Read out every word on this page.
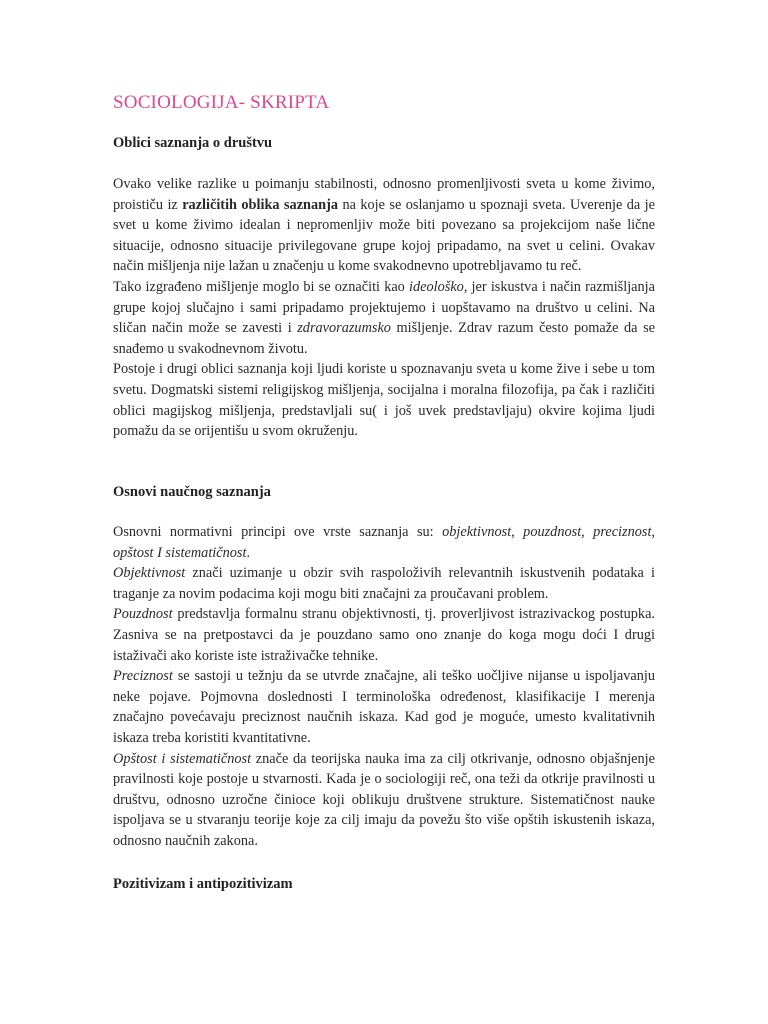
SOCIOLOGIJA- SKRIPTA
Oblici saznanja o društvu

Ovako velike razlike u poimanju stabilnosti, odnosno promenljivosti sveta u kome živimo, proističu iz različitih oblika saznanja na koje se oslanjamo u spoznaji sveta. Uverenje da je svet u kome živimo idealan i nepromenljiv može biti povezano sa projekcijom naše lične situacije, odnosno situacije privilegovane grupe kojoj pripadamo, na svet u celini. Ovakav način mišljenja nije lažan u značenju u kome svakodnevno upotrebljavamo tu reč.

Tako izgrađeno mišljenje moglo bi se označiti kao ideološko, jer iskustva i način razmišljanja grupe kojoj slučajno i sami pripadamo projektujemo i uopštavamo na društvo u celini. Na sličan način može se zavesti i zdravorazumsko mišljenje. Zdrav razum često pomaže da se snađemo u svakodnevnom životu.

Postoje i drugi oblici saznanja koji ljudi koriste u spoznavanju sveta u kome žive i sebe u tom svetu. Dogmatski sistemi religijskog mišljenja, socijalna i moralna filozofija, pa čak i različiti oblici magijskog mišljenja, predstavljali su( i još uvek predstavljaju) okvire kojima ljudi pomažu da se orijentišu u svom okruženju.

Osnovi naučnog saznanja

Osnovni normativni principi ove vrste saznanja su: objektivnost, pouzdnost, preciznost, opštost I sistematičnost.

Objektivnost znači uzimanje u obzir svih raspoloživih relevantnih iskustvenih podataka i traganje za novim podacima koji mogu biti značajni za proučavani problem.

Pouzdnost predstavlja formalnu stranu objektivnosti, tj. proverljivost istrazivackog postupka. Zasniva se na pretpostavci da je pouzdano samo ono znanje do koga mogu doći I drugi istaživači ako koriste iste istraživačke tehnike.

Preciznost se sastoji u težnju da se utvrde značajne, ali teško uočljive nijanse u ispoljavanju neke pojave. Pojmovna doslednosti I terminološka određenost, klasifikacije I merenja značajno povećavaju preciznost naučnih iskaza. Kad god je moguće, umesto kvalitativnih iskaza treba koristiti kvantitativne.

Opštost i sistematičnost znače da teorijska nauka ima za cilj otkrivanje, odnosno objašnjenje pravilnosti koje postoje u stvarnosti. Kada je o sociologiji reč, ona teži da otkrije pravilnosti u društvu, odnosno uzročne činioce koji oblikuju društvene strukture. Sistematičnost nauke ispoljava se u stvaranju teorije koje za cilj imaju da povežu što više opštih iskustenih iskaza, odnosno naučnih zakona.

Pozitivizam i antipozitivizam
